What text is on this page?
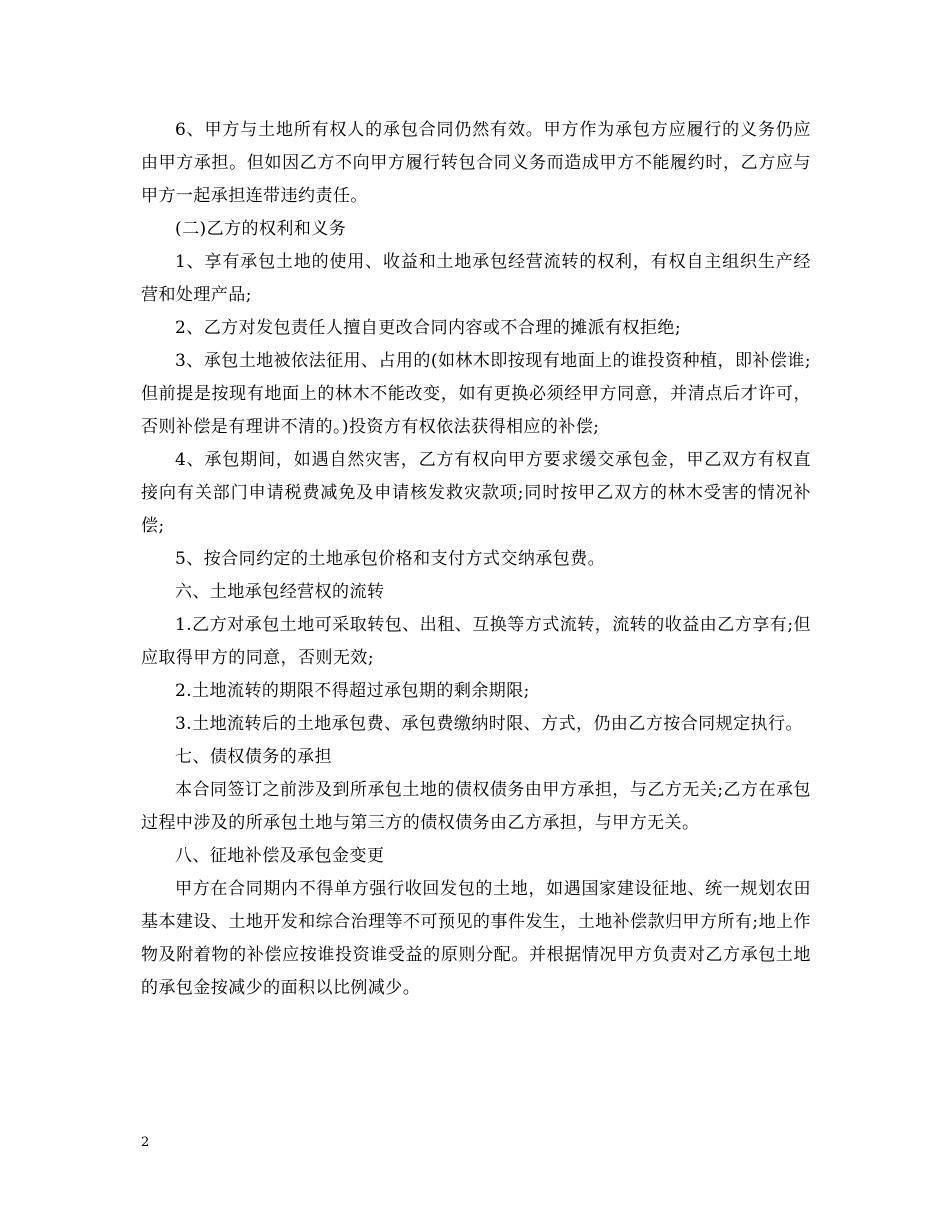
6、甲方与土地所有权人的承包合同仍然有效。甲方作为承包方应履行的义务仍应由甲方承担。但如因乙方不向甲方履行转包合同义务而造成甲方不能履约时，乙方应与甲方一起承担连带违约责任。

(二)乙方的权利和义务

1、享有承包土地的使用、收益和土地承包经营流转的权利，有权自主组织生产经营和处理产品;

2、乙方对发包责任人擅自更改合同内容或不合理的摊派有权拒绝;

3、承包土地被依法征用、占用的(如林木即按现有地面上的谁投资种植，即补偿谁;但前提是按现有地面上的林木不能改变，如有更换必须经甲方同意，并清点后才许可，否则补偿是有理讲不清的。)投资方有权依法获得相应的补偿;

4、承包期间，如遇自然灾害，乙方有权向甲方要求缓交承包金，甲乙双方有权直接向有关部门申请税费减免及申请核发救灾款项;同时按甲乙双方的林木受害的情况补偿;

5、按合同约定的土地承包价格和支付方式交纳承包费。

六、土地承包经营权的流转

1.乙方对承包土地可采取转包、出租、互换等方式流转，流转的收益由乙方享有;但应取得甲方的同意，否则无效;

2.土地流转的期限不得超过承包期的剩余期限;

3.土地流转后的土地承包费、承包费缴纳时限、方式，仍由乙方按合同规定执行。

七、债权债务的承担

本合同签订之前涉及到所承包土地的债权债务由甲方承担，与乙方无关;乙方在承包过程中涉及的所承包土地与第三方的债权债务由乙方承担，与甲方无关。

八、征地补偿及承包金变更

甲方在合同期内不得单方强行收回发包的土地，如遇国家建设征地、统一规划农田基本建设、土地开发和综合治理等不可预见的事件发生，土地补偿款归甲方所有;地上作物及附着物的补偿应按谁投资谁受益的原则分配。并根据情况甲方负责对乙方承包土地的承包金按减少的面积以比例减少。

2
